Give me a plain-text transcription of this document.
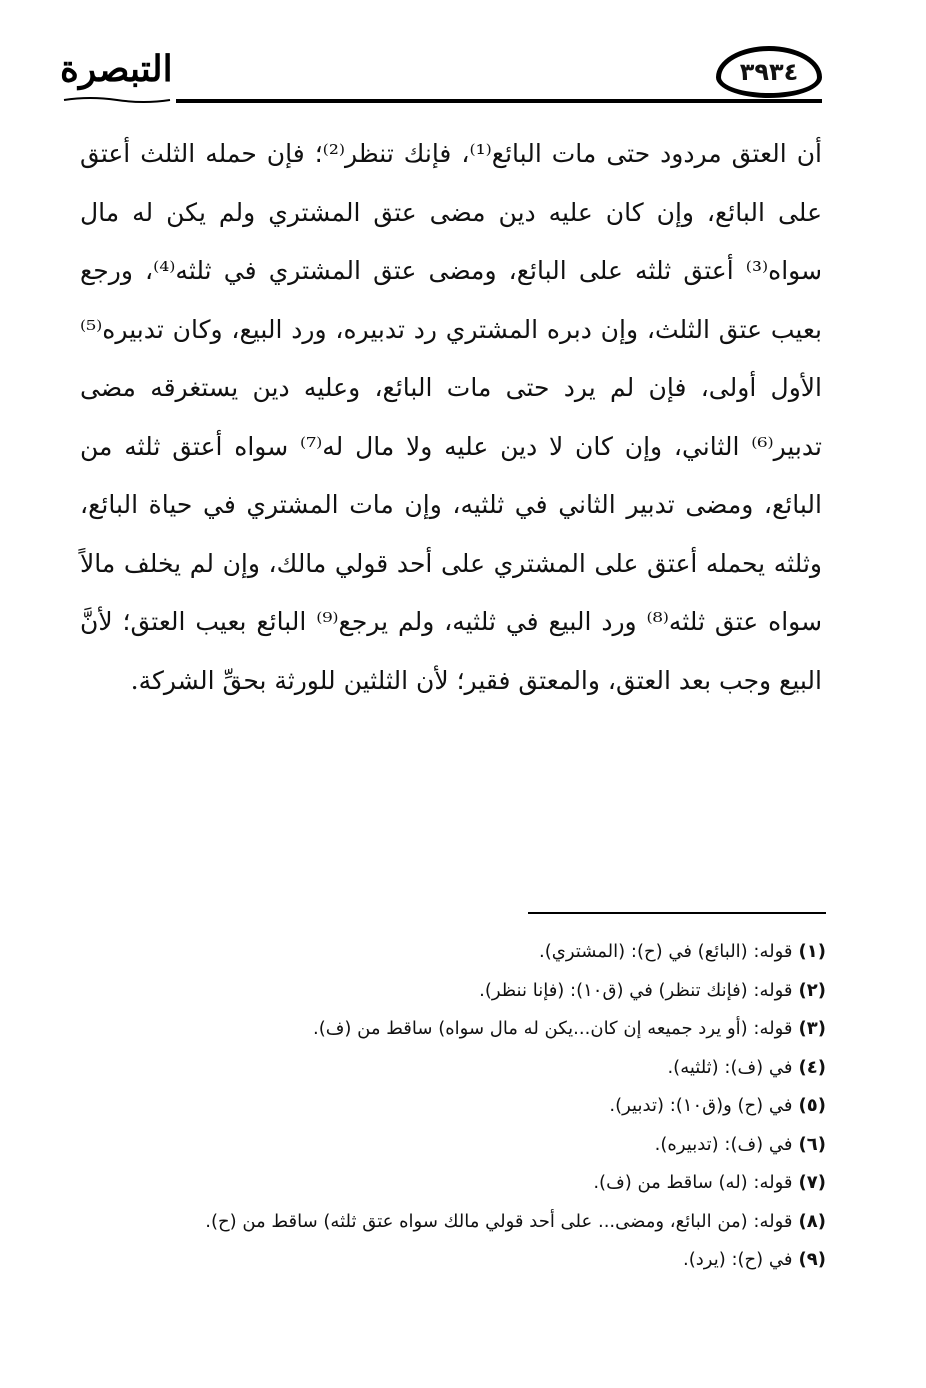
التبصرة	٣٩٣٤

أن العتق مردود حتى مات البائع⁽¹⁾، فإنك تنظر⁽²⁾؛ فإن حمله الثلث أعتق على البائع، وإن كان عليه دين مضى عتق المشتري ولم يكن له مال سواه⁽³⁾ أعتق ثلثه على البائع، ومضى عتق المشتري في ثلثه⁽⁴⁾، ورجع بعيب عتق الثلث، وإن دبره المشتري رد تدبيره، ورد البيع، وكان تدبيره⁽⁵⁾ الأول أولى، فإن لم يرد حتى مات البائع، وعليه دين يستغرقه مضى تدبير⁽⁶⁾ الثاني، وإن كان لا دين عليه ولا مال له⁽⁷⁾ سواه أعتق ثلثه من البائع، ومضى تدبير الثاني في ثلثيه، وإن مات المشتري في حياة البائع، وثلثه يحمله أعتق على المشتري على أحد قولي مالك، وإن لم يخلف مالاً سواه عتق ثلثه⁽⁸⁾ ورد البيع في ثلثيه، ولم يرجع⁽⁹⁾ البائع بعيب العتق؛ لأنَّ البيع وجب بعد العتق، والمعتق فقير؛ لأن الثلثين للورثة بحقِّ الشركة.

(١)قوله: (البائع) في (ح): (المشتري).
(٢)قوله: (فإنك تنظر) في (ق١٠): (فإنا ننظر).
(٣)قوله: (أو يرد جميعه إن كان...يكن له مال سواه) ساقط من (ف).
(٤)في (ف): (ثلثيه).
(٥)في (ح) و(ق١٠): (تدبير).
(٦)في (ف): (تدبيره).
(٧)قوله: (له) ساقط من (ف).
(٨)قوله: (من البائع، ومضى... على أحد قولي مالك سواه عتق ثلثه) ساقط من (ح).
(٩)في (ح): (يرد).
